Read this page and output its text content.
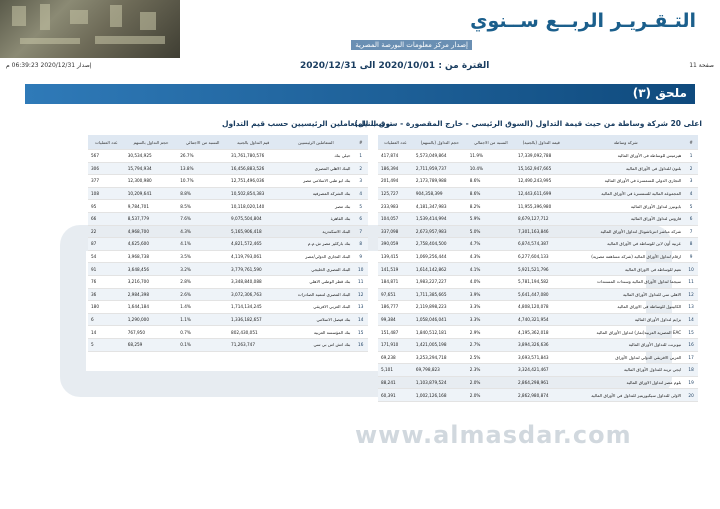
التـقـريـر الربــع ســنوي
إصدار مركز معلومات البورصة المصرية
صفحة 11
إصدار 2020/12/31 06:39:23 م	الفترة من : 2020/10/01 الى 2020/12/31
ملحق (٣)
اعلى 20 شركة وساطة من حيث قيمة التداول (السوق الرئيسي - خارج المقصورة - سوق النيل)
ترتيب المتعاملين الرئيسيين حسب قيم التداول
عدد العمليات	حجم التداول (بالسهم)	النسبة من الاجمالي	قيمة التداول (بالجنية)	شركة وساطة	#
417,874	5,573,049,864	11.9%	17,339,092,788	هيرميس للوساطة فى الأوراق المالية	1
186,394	2,711,959,737	10.4%	15,162,947,665	بلتون للتداول فى الأوراق المالية	2
201,494	2,173,789,988	8.6%	12,490,243,995	التجاري الدولي للسمسرة في الأوراق المالية	3
125,727	904,358,399	8.6%	12,443,611,699	المجموعة المالية للسمسرة في الأوراق المالية	4
233,983	4,181,347,983	8.2%	11,955,396,980	بايونيرز لتداول الأوراق المالية	5
104,057	1,539,414,994	5.9%	8,679,127,712	فاروس لتداول الأوراق المالية	6
337,098	2,673,957,983	5.0%	7,301,163,846	شركة مباشر انترناشونال لتداول الأوراق المالية	7
390,059	2,758,404,500	4.7%	6,874,574,387	عربية أون لاين للوساطة في الأوراق المالية	8
139,415	1,069,256,444	4.3%	6,277,604,133	ارقام لتداول الأوراق المالية (شركة مساهمة مصرية)	9
141,519	1,614,142,862	4.1%	5,921,521,796	نعيم للوساطة فى الاوراق المالية	10
184,871	1,983,227,227	4.0%	5,781,194,582	سيجما لتداول الأوراق المالية وسندات المستندات	11
97,651	1,711,385,665	3.9%	5,641,447,080	الاهلي سي للتداول الأوراق المالية	12
186,777	2,119,898,223	3.3%	4,808,120,078	الكابيتول للوساطة فى الاوراق المالية	13
99,384	1,058,046,041	3.3%	4,740,321,954	برايم لتداول الأوراق المالية	14
151,487	1,840,512,181	2.9%	4,195,362,018	EAC المصرية العربية(ثمار) لتداول الأوراق المالية	15
171,910	1,421,005,198	2.7%	3,894,326,636	نيوبرنت للتداول الأوراق المالية	16
69,238	3,253,294,718	2.5%	3,693,571,843	العربي الافريقي الدولي لتداول الأوراق	17
5,101	69,798,823	2.3%	3,324,421,467	ايجي تريند للتداول الأوراق المالية	18
88,241	1,103,879,524	2.0%	2,864,298,961	بلوم مصر لتداول الاوراق المالية	19
60,391	1,002,126,168	2.0%	2,862,980,874	الاولى للتداول سيكيوريتيز للتداول في الأوراق المالية	20
عدد العمليات	حجم التداول بالسهم	النسبة من الاجمالي	قيم التداول بالجنية	المتعاملين الرئيسيين	#
567	30,534,925	26.7%	31,761,780,576	حيلي بنك	1
306	15,794,934	13.8%	16,456,883,526	البنك الاهلي المصري	2
377	12,300,980	10.7%	12,751,496,036	بنك ابو ظبي الاسلامي مصر	3
108	10,209,641	8.8%	10,502,854,383	بنك الشركة المصرفية	4
95	9,784,701	8.5%	10,118,020,140	بنك مصر	5
66	8,537,779	7.6%	9,075,504,804	بنك القاهرة	6
22	4,968,700	4.3%	5,165,906,418	البنك الاسكندرية	7
87	4,625,600	4.1%	4,821,572,465	بنك باركليز مصر ش.م.م	8
54	3,968,738	3.5%	4,119,793,061	البنك التجاري الدولي/مصر	9
91	3,648,456	3.2%	3,779,761,590	البنك المصري الخليجي	10
76	3,216,700	2.8%	3,348,840,088	بنك قطر الوطني الاهلي	11
36	2,984,398	2.6%	3,072,306,763	البنك المصري لتنمية الصادرات	12
180	1,644,184	1.4%	1,714,134,245	البنك العربي الافريقي	13
6	1,290,000	1.1%	1,336,182,657	بنك فيصل الاسلامي	14
14	767,950	0.7%	802,430,051	بنك المؤسسة العربية	15
5	68,259	0.1%	71,263,747	بنك اتش اس بي سي	16
www.almasdar.com
